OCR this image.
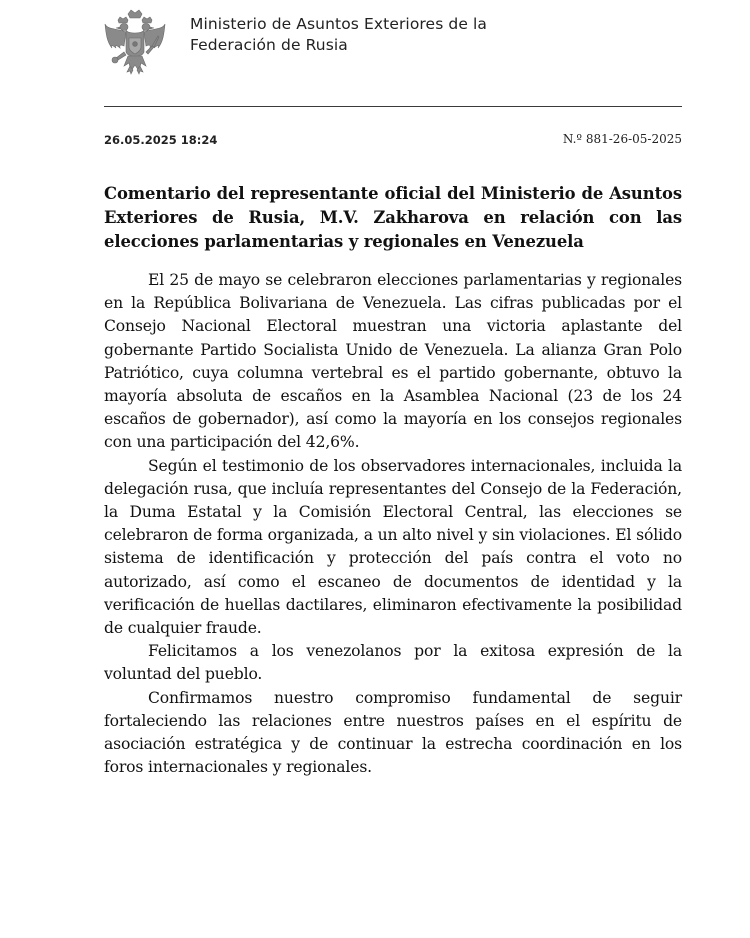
Ministerio de Asuntos Exteriores de la
Federación de Rusia
26.05.2025 18:24	N.º 881-26-05-2025
Comentario del representante oficial del Ministerio de Asuntos Exteriores de Rusia, M.V. Zakharova en relación con las elecciones parlamentarias y regionales en Venezuela

El 25 de mayo se celebraron elecciones parlamentarias y regionales en la República Bolivariana de Venezuela. Las cifras publicadas por el Consejo Nacional Electoral muestran una victoria aplastante del gobernante Partido Socialista Unido de Venezuela. La alianza Gran Polo Patriótico, cuya columna vertebral es el partido gobernante, obtuvo la mayoría absoluta de escaños en la Asamblea Nacional (23 de los 24 escaños de gobernador), así como la mayoría en los consejos regionales con una participación del 42,6%.

Según el testimonio de los observadores internacionales, incluida la delegación rusa, que incluía representantes del Consejo de la Federación, la Duma Estatal y la Comisión Electoral Central, las elecciones se celebraron de forma organizada, a un alto nivel y sin violaciones. El sólido sistema de identificación y protección del país contra el voto no autorizado, así como el escaneo de documentos de identidad y la verificación de huellas dactilares, eliminaron efectivamente la posibilidad de cualquier fraude.

Felicitamos a los venezolanos por la exitosa expresión de la voluntad del pueblo.

Confirmamos nuestro compromiso fundamental de seguir fortaleciendo las relaciones entre nuestros países en el espíritu de asociación estratégica y de continuar la estrecha coordinación en los foros internacionales y regionales.
